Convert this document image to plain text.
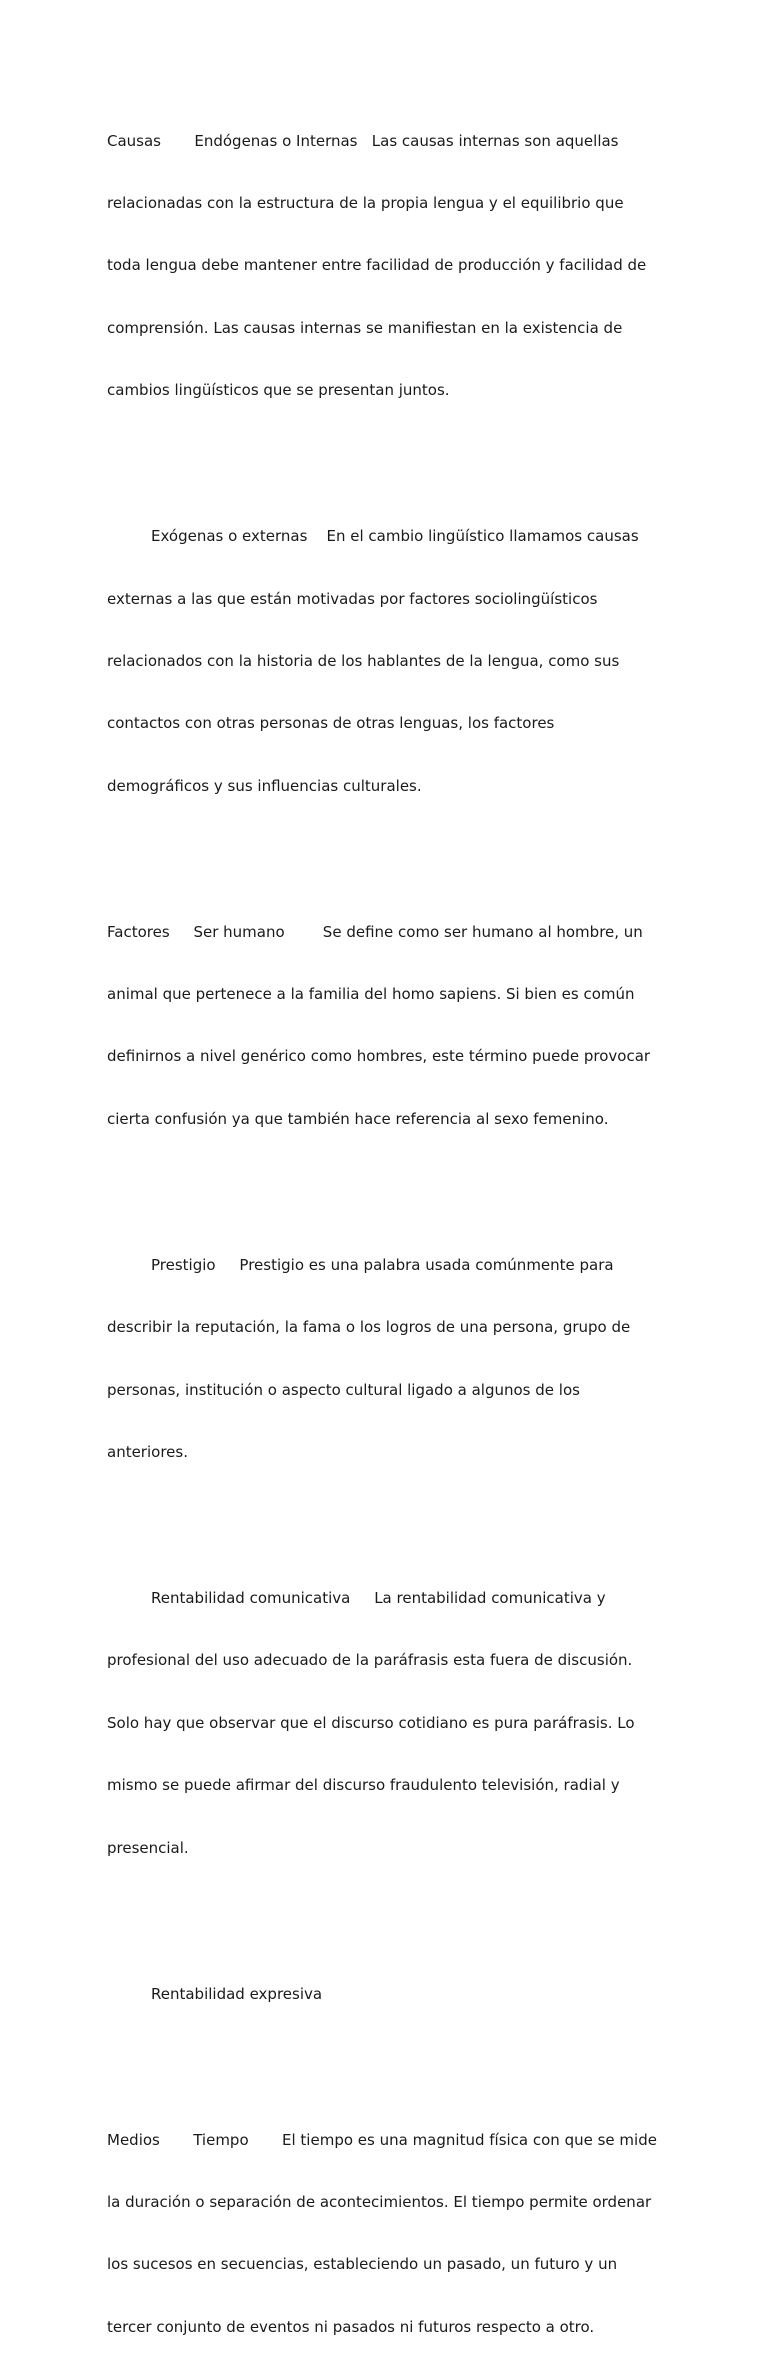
Causas       Endógenas o Internas   Las causas internas son aquellas

relacionadas con la estructura de la propia lengua y el equilibrio que

toda lengua debe mantener entre facilidad de producción y facilidad de

comprensión. Las causas internas se manifiestan en la existencia de

cambios lingüísticos que se presentan juntos.

Exógenas o externas    En el cambio lingüístico llamamos causas

externas a las que están motivadas por factores sociolingüísticos

relacionados con la historia de los hablantes de la lengua, como sus

contactos con otras personas de otras lenguas, los factores

demográficos y sus influencias culturales.

Factores     Ser humano        Se define como ser humano al hombre, un

animal que pertenece a la familia del homo sapiens. Si bien es común

definirnos a nivel genérico como hombres, este término puede provocar

cierta confusión ya que también hace referencia al sexo femenino.

Prestigio     Prestigio es una palabra usada comúnmente para

describir la reputación, la fama o los logros de una persona, grupo de

personas, institución o aspecto cultural ligado a algunos de los

anteriores.

Rentabilidad comunicativa     La rentabilidad comunicativa y

profesional del uso adecuado de la paráfrasis esta fuera de discusión.

Solo hay que observar que el discurso cotidiano es pura paráfrasis. Lo

mismo se puede afirmar del discurso fraudulento televisión, radial y

presencial.

Rentabilidad expresiva

Medios       Tiempo       El tiempo es una magnitud física con que se mide

la duración o separación de acontecimientos. El tiempo permite ordenar

los sucesos en secuencias, estableciendo un pasado, un futuro y un

tercer conjunto de eventos ni pasados ni futuros respecto a otro.
